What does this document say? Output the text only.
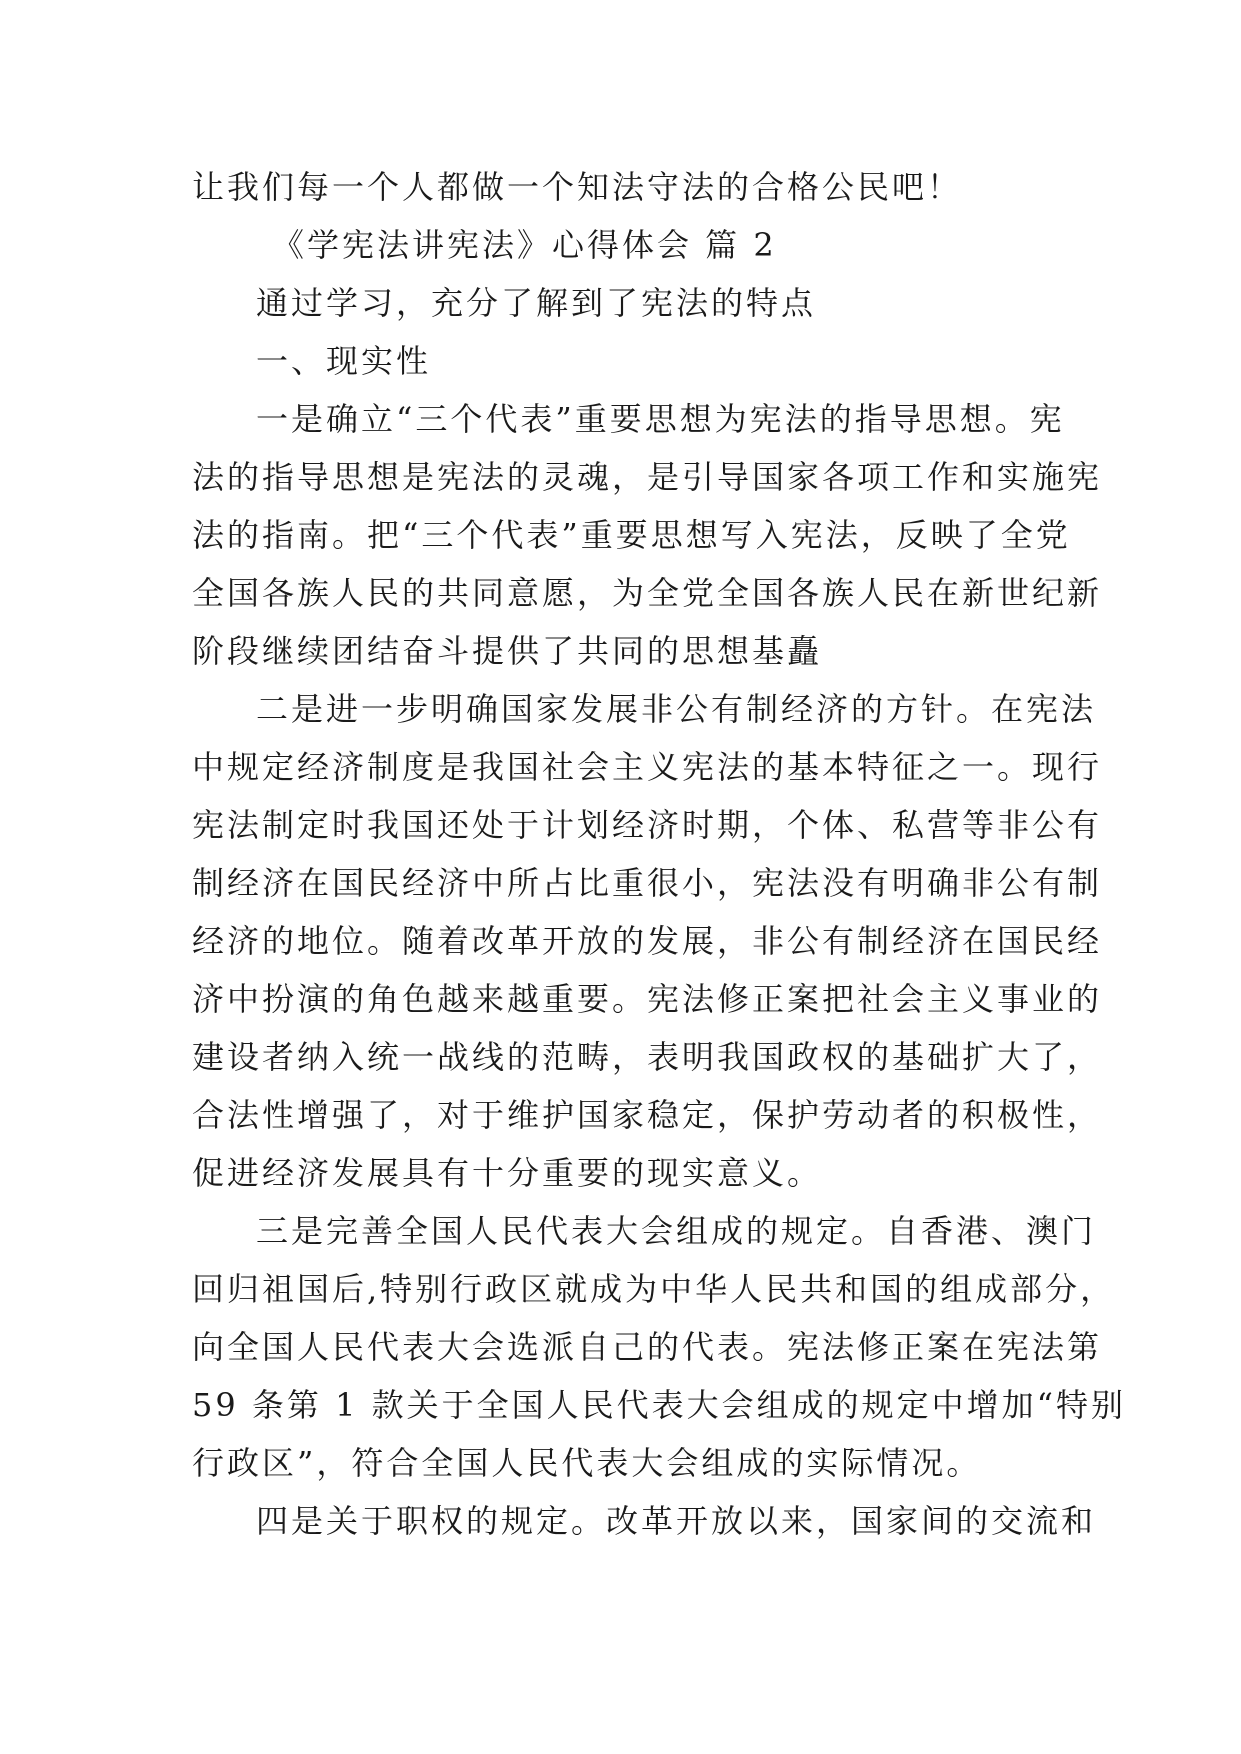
让我们每一个人都做一个知法守法的合格公民吧！
《学宪法讲宪法》心得体会 篇 2
通过学习，充分了解到了宪法的特点
一、现实性
一是确立“三个代表”重要思想为宪法的指导思想。宪
法的指导思想是宪法的灵魂，是引导国家各项工作和实施宪
法的指南。把“三个代表”重要思想写入宪法，反映了全党
全国各族人民的共同意愿，为全党全国各族人民在新世纪新
阶段继续团结奋斗提供了共同的思想基矗
二是进一步明确国家发展非公有制经济的方针。在宪法
中规定经济制度是我国社会主义宪法的基本特征之一。现行
宪法制定时我国还处于计划经济时期，个体、私营等非公有
制经济在国民经济中所占比重很小，宪法没有明确非公有制
经济的地位。随着改革开放的发展，非公有制经济在国民经
济中扮演的角色越来越重要。宪法修正案把社会主义事业的
建设者纳入统一战线的范畴，表明我国政权的基础扩大了，
合法性增强了，对于维护国家稳定，保护劳动者的积极性，
促进经济发展具有十分重要的现实意义。
三是完善全国人民代表大会组成的规定。自香港、澳门
回归祖国后,特别行政区就成为中华人民共和国的组成部分，
向全国人民代表大会选派自己的代表。宪法修正案在宪法第
59 条第 1 款关于全国人民代表大会组成的规定中增加“特别
行政区”，符合全国人民代表大会组成的实际情况。
四是关于职权的规定。改革开放以来，国家间的交流和
